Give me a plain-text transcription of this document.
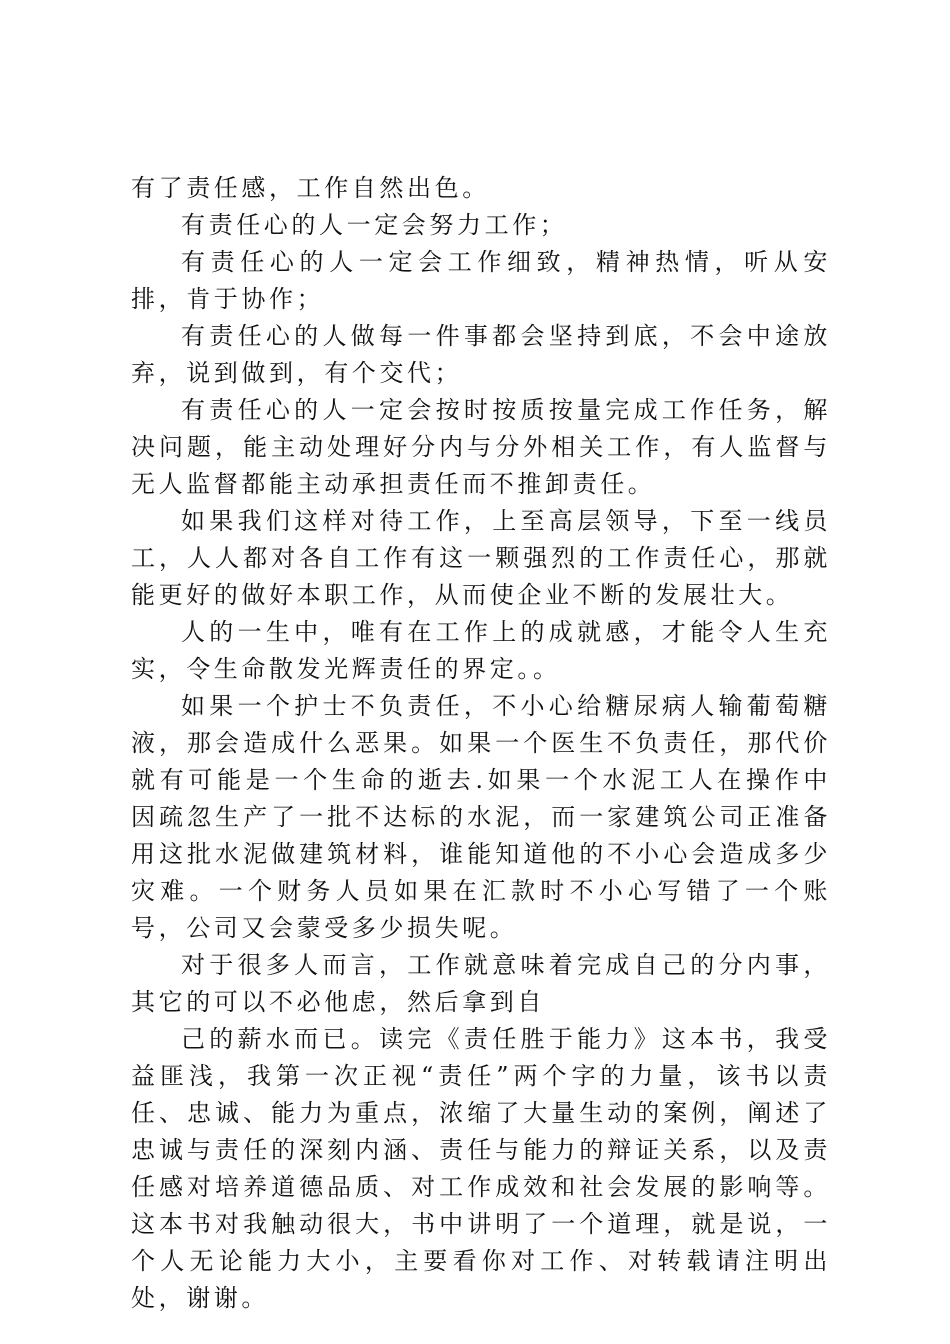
有了责任感，工作自然出色。

有责任心的人一定会努力工作；

有责任心的人一定会工作细致，精神热情，听从安排，肯于协作；

有责任心的人做每一件事都会坚持到底，不会中途放弃，说到做到，有个交代；

有责任心的人一定会按时按质按量完成工作任务，解决问题，能主动处理好分内与分外相关工作，有人监督与无人监督都能主动承担责任而不推卸责任。

如果我们这样对待工作，上至高层领导，下至一线员工，人人都对各自工作有这一颗强烈的工作责任心，那就能更好的做好本职工作，从而使企业不断的发展壮大。

人的一生中，唯有在工作上的成就感，才能令人生充实，令生命散发光辉责任的界定。。

如果一个护士不负责任，不小心给糖尿病人输葡萄糖液，那会造成什么恶果。如果一个医生不负责任，那代价就有可能是一个生命的逝去.如果一个水泥工人在操作中因疏忽生产了一批不达标的水泥，而一家建筑公司正准备用这批水泥做建筑材料，谁能知道他的不小心会造成多少灾难。一个财务人员如果在汇款时不小心写错了一个账号，公司又会蒙受多少损失呢。

对于很多人而言，工作就意味着完成自己的分内事，其它的可以不必他虑，然后拿到自

己的薪水而已。读完《责任胜于能力》这本书，我受益匪浅，我第一次正视“责任”两个字的力量，该书以责任、忠诚、能力为重点，浓缩了大量生动的案例，阐述了忠诚与责任的深刻内涵、责任与能力的辩证关系，以及责任感对培养道德品质、对工作成效和社会发展的影响等。这本书对我触动很大，书中讲明了一个道理，就是说，一个人无论能力大小，主要看你对工作、对转载请注明出处，谢谢。
